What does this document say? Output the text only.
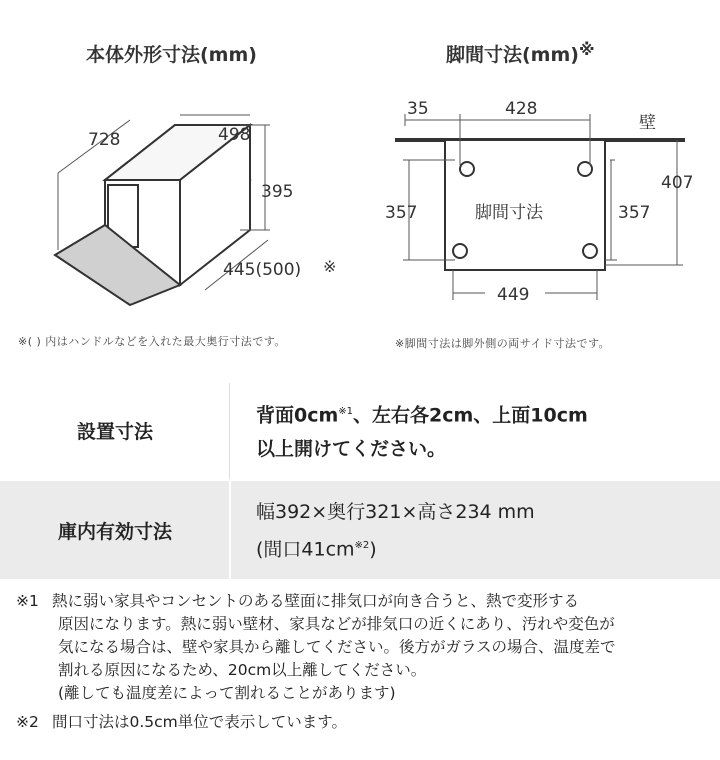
本体外形寸法(mm)
728	498
395
445(500) ※
※( ) 内はハンドルなどを入れた最大奥行寸法です。
脚間寸法(mm)※
壁
35	428
357	脚間寸法	357
407
449
※脚間寸法は脚外側の両サイド寸法です。
設置寸法
背面$0cm^{※1}$、左右各2cm、上面10cm
以上開けてください。
庫内有効寸法
幅392×奥行321×高さ234 mm
(間口$41cm^{※2}$)
※1 熱に弱い家具やコンセントのある壁面に排気口が向き合うと、熱で変形する
原因になります。熱に弱い壁材、家具などが排気口の近くにあり、汚れや変色が
気になる場合は、壁や家具から離してください。後方がガラスの場合、温度差で
割れる原因になるため、20cm以上離してください。
(離しても温度差によって割れることがあります)
※2 間口寸法は0.5cm単位で表示しています。
